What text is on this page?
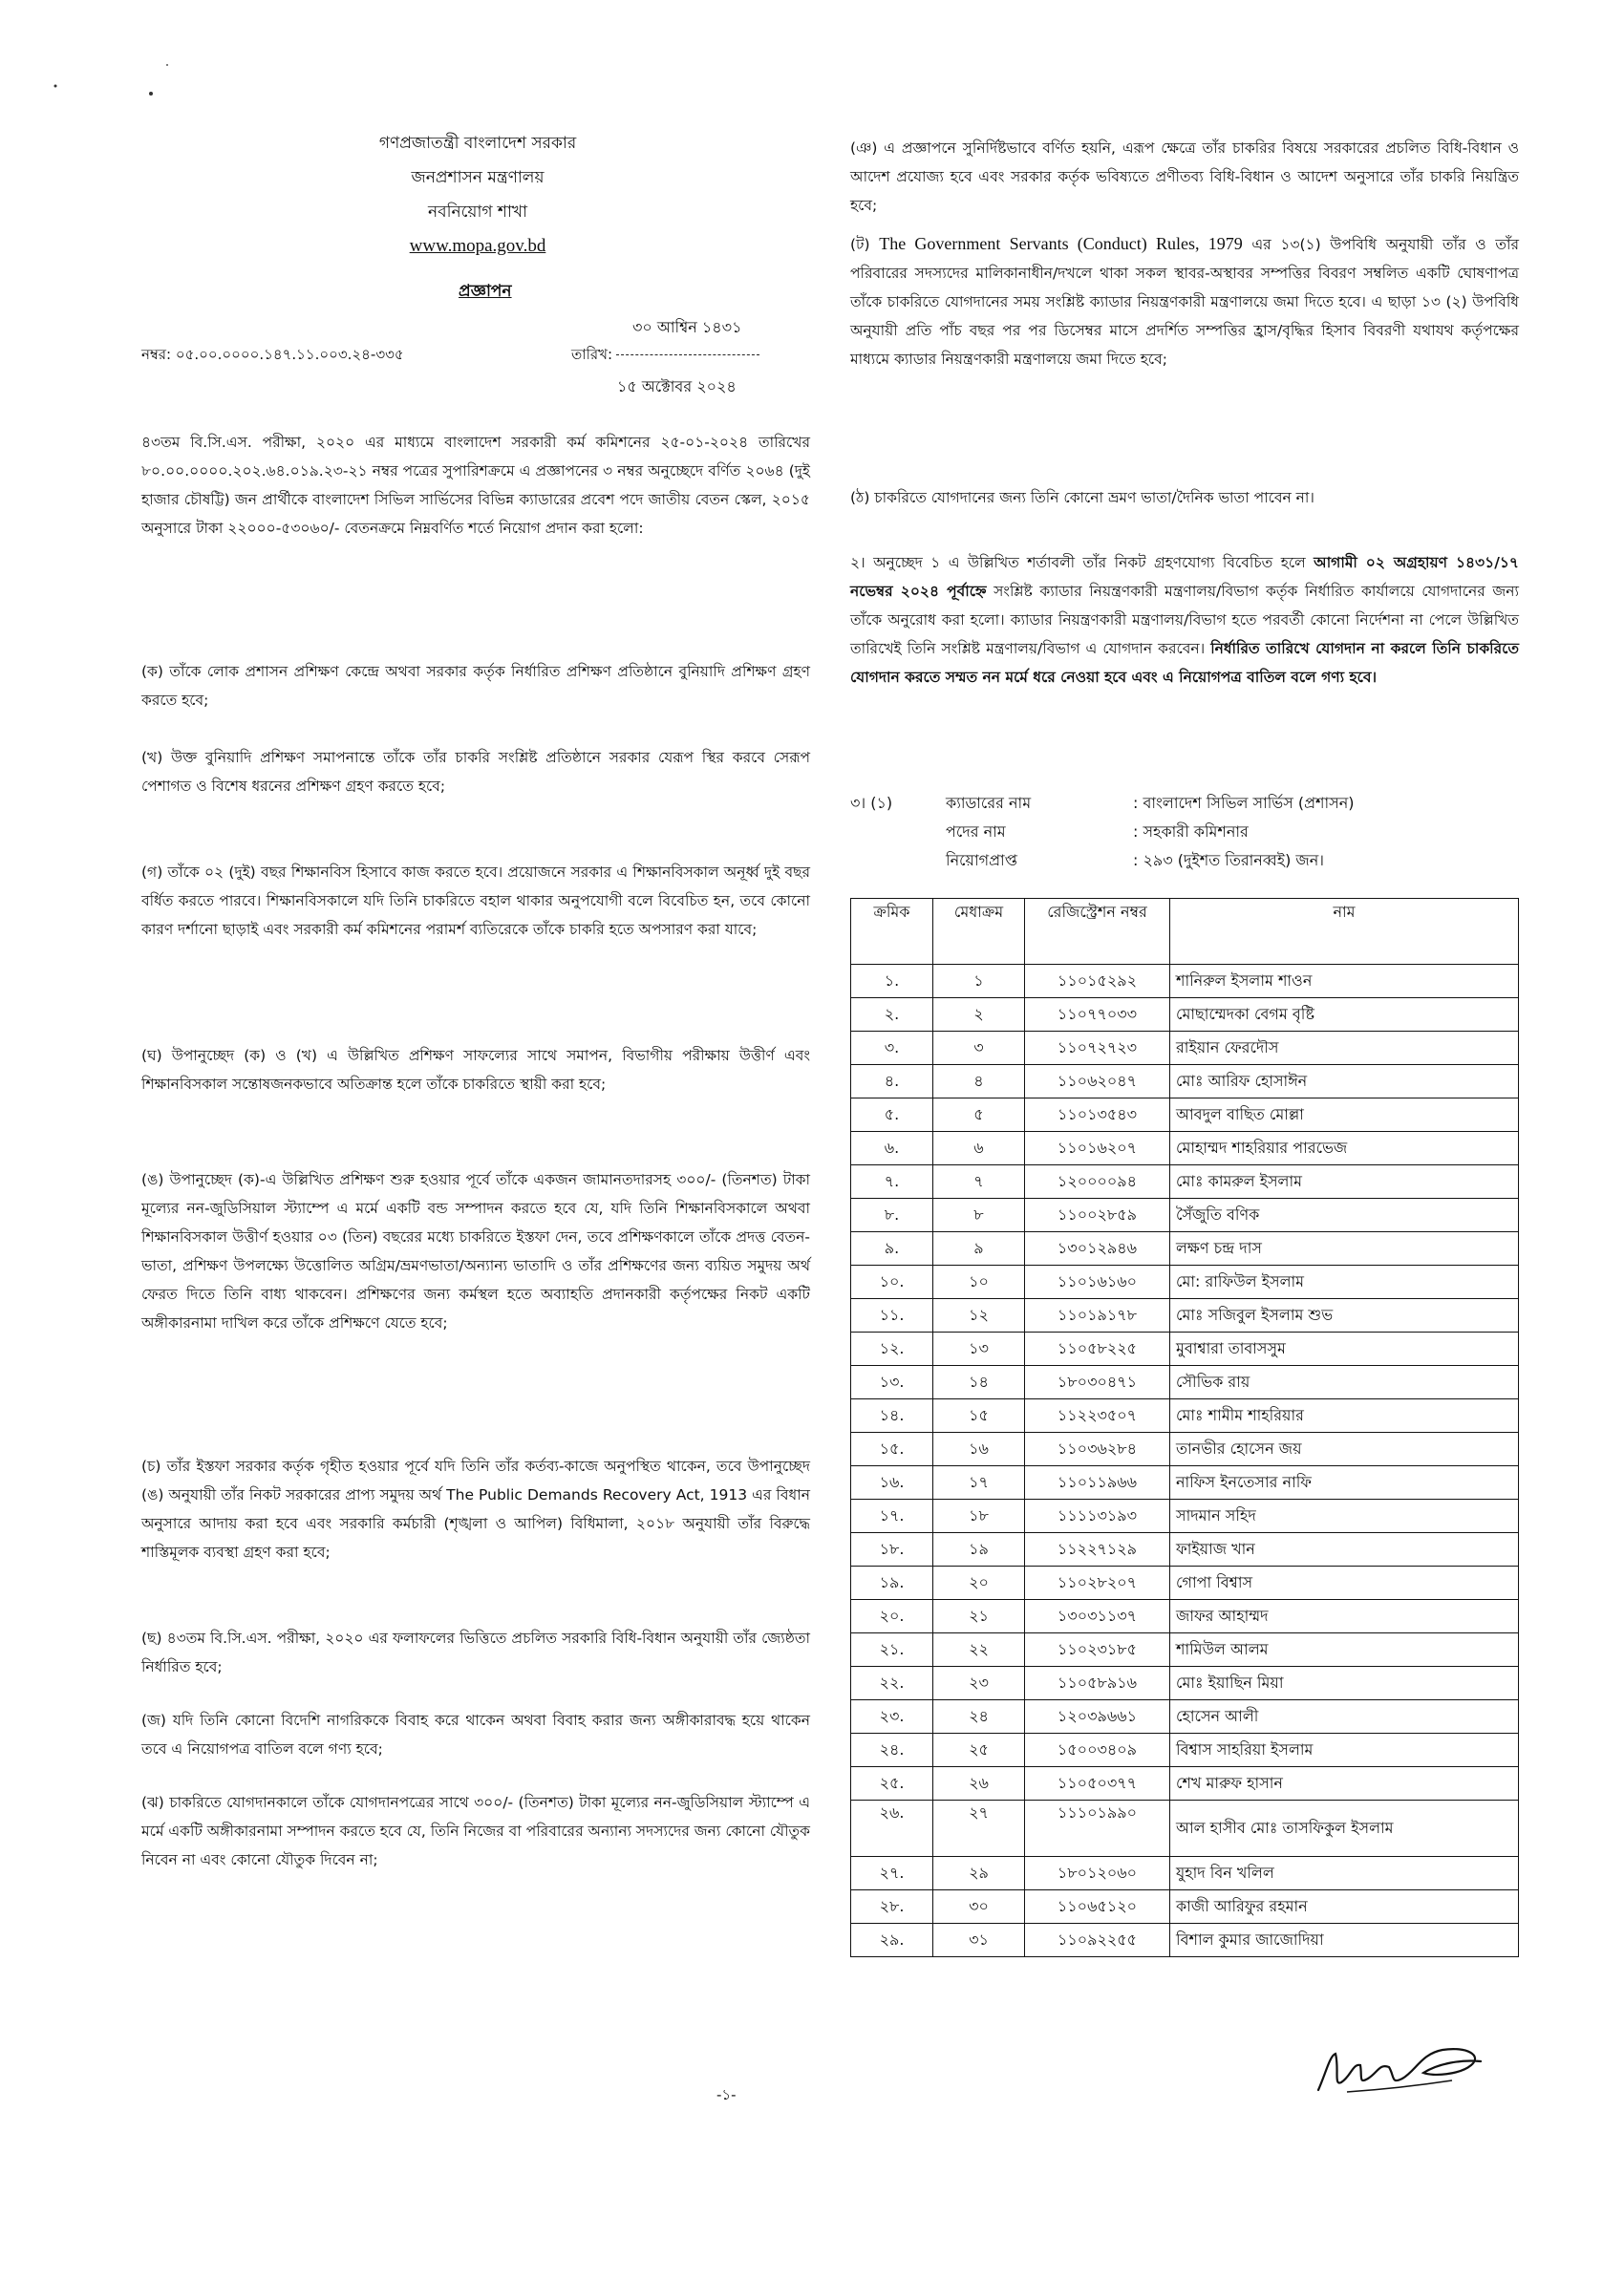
গণপ্রজাতন্ত্রী বাংলাদেশ সরকার
জনপ্রশাসন মন্ত্রণালয়
নবনিয়োগ শাখা
www.mopa.gov.bd
প্রজ্ঞাপন
৩০ আশ্বিন ১৪৩১
নম্বর: ০৫.০০.০০০০.১৪৭.১১.০০৩.২৪-৩৩৫	তারিখ:
১৫ অক্টোবর ২০২৪
৪৩তম বি.সি.এস. পরীক্ষা, ২০২০ এর মাধ্যমে বাংলাদেশ সরকারী কর্ম কমিশনের ২৫-০১-২০২৪ তারিখের ৮০.০০.০০০০.২০২.৬৪.০১৯.২৩-২১ নম্বর পত্রের সুপারিশক্রমে এ প্রজ্ঞাপনের ৩ নম্বর অনুচ্ছেদে বর্ণিত ২০৬৪ (দুই হাজার চৌষট্টি) জন প্রার্থীকে বাংলাদেশ সিভিল সার্ভিসের বিভিন্ন ক্যাডারের প্রবেশ পদে জাতীয় বেতন স্কেল, ২০১৫ অনুসারে টাকা ২২০০০-৫৩০৬০/- বেতনক্রমে নিম্নবর্ণিত শর্তে নিয়োগ প্রদান করা হলো:
(ক) তাঁকে লোক প্রশাসন প্রশিক্ষণ কেন্দ্রে অথবা সরকার কর্তৃক নির্ধারিত প্রশিক্ষণ প্রতিষ্ঠানে বুনিয়াদি প্রশিক্ষণ গ্রহণ করতে হবে;
(খ) উক্ত বুনিয়াদি প্রশিক্ষণ সমাপনান্তে তাঁকে তাঁর চাকরি সংশ্লিষ্ট প্রতিষ্ঠানে সরকার যেরূপ স্থির করবে সেরূপ পেশাগত ও বিশেষ ধরনের প্রশিক্ষণ গ্রহণ করতে হবে;
(গ) তাঁকে ০২ (দুই) বছর শিক্ষানবিস হিসাবে কাজ করতে হবে। প্রয়োজনে সরকার এ শিক্ষানবিসকাল অনূর্ধ্ব দুই বছর বর্ধিত করতে পারবে। শিক্ষানবিসকালে যদি তিনি চাকরিতে বহাল থাকার অনুপযোগী বলে বিবেচিত হন, তবে কোনো কারণ দর্শানো ছাড়াই এবং সরকারী কর্ম কমিশনের পরামর্শ ব্যতিরেকে তাঁকে চাকরি হতে অপসারণ করা যাবে;
(ঘ) উপানুচ্ছেদ (ক) ও (খ) এ উল্লিখিত প্রশিক্ষণ সাফল্যের সাথে সমাপন, বিভাগীয় পরীক্ষায় উত্তীর্ণ এবং শিক্ষানবিসকাল সন্তোষজনকভাবে অতিক্রান্ত হলে তাঁকে চাকরিতে স্থায়ী করা হবে;
(ঙ) উপানুচ্ছেদ (ক)-এ উল্লিখিত প্রশিক্ষণ শুরু হওয়ার পূর্বে তাঁকে একজন জামানতদারসহ ৩০০/- (তিনশত) টাকা মূল্যের নন-জুডিসিয়াল স্ট্যাম্পে এ মর্মে একটি বন্ড সম্পাদন করতে হবে যে, যদি তিনি শিক্ষানবিসকালে অথবা শিক্ষানবিসকাল উত্তীর্ণ হওয়ার ০৩ (তিন) বছরের মধ্যে চাকরিতে ইস্তফা দেন, তবে প্রশিক্ষণকালে তাঁকে প্রদত্ত বেতন-ভাতা, প্রশিক্ষণ উপলক্ষ্যে উত্তোলিত অগ্রিম/ভ্রমণভাতা/অন্যান্য ভাতাদি ও তাঁর প্রশিক্ষণের জন্য ব্যয়িত সমুদয় অর্থ ফেরত দিতে তিনি বাধ্য থাকবেন। প্রশিক্ষণের জন্য কর্মস্থল হতে অব্যাহতি প্রদানকারী কর্তৃপক্ষের নিকট একটি অঙ্গীকারনামা দাখিল করে তাঁকে প্রশিক্ষণে যেতে হবে;
(চ) তাঁর ইস্তফা সরকার কর্তৃক গৃহীত হওয়ার পূর্বে যদি তিনি তাঁর কর্তব্য-কাজে অনুপস্থিত থাকেন, তবে উপানুচ্ছেদ (ঙ) অনুযায়ী তাঁর নিকট সরকারের প্রাপ্য সমুদয় অর্থ The Public Demands Recovery Act, 1913 এর বিধান অনুসারে আদায় করা হবে এবং সরকারি কর্মচারী (শৃঙ্খলা ও আপিল) বিধিমালা, ২০১৮ অনুযায়ী তাঁর বিরুদ্ধে শাস্তিমূলক ব্যবস্থা গ্রহণ করা হবে;
(ছ) ৪৩তম বি.সি.এস. পরীক্ষা, ২০২০ এর ফলাফলের ভিত্তিতে প্রচলিত সরকারি বিধি-বিধান অনুযায়ী তাঁর জ্যেষ্ঠতা নির্ধারিত হবে;
(জ) যদি তিনি কোনো বিদেশি নাগরিককে বিবাহ করে থাকেন অথবা বিবাহ করার জন্য অঙ্গীকারাবদ্ধ হয়ে থাকেন তবে এ নিয়োগপত্র বাতিল বলে গণ্য হবে;
(ঝ) চাকরিতে যোগদানকালে তাঁকে যোগদানপত্রের সাথে ৩০০/- (তিনশত) টাকা মূল্যের নন-জুডিসিয়াল স্ট্যাম্পে এ মর্মে একটি অঙ্গীকারনামা সম্পাদন করতে হবে যে, তিনি নিজের বা পরিবারের অন্যান্য সদস্যদের জন্য কোনো যৌতুক নিবেন না এবং কোনো যৌতুক দিবেন না;
-১-
(ঞ) এ প্রজ্ঞাপনে সুনির্দিষ্টভাবে বর্ণিত হয়নি, এরূপ ক্ষেত্রে তাঁর চাকরির বিষয়ে সরকারের প্রচলিত বিধি-বিধান ও আদেশ প্রযোজ্য হবে এবং সরকার কর্তৃক ভবিষ্যতে প্রণীতব্য বিধি-বিধান ও আদেশ অনুসারে তাঁর চাকরি নিয়ন্ত্রিত হবে;
(ট) The Government Servants (Conduct) Rules, 1979 এর ১৩(১) উপবিধি অনুযায়ী তাঁর ও তাঁর পরিবারের সদস্যদের মালিকানাধীন/দখলে থাকা সকল স্থাবর-অস্থাবর সম্পত্তির বিবরণ সম্বলিত একটি ঘোষণাপত্র তাঁকে চাকরিতে যোগদানের সময় সংশ্লিষ্ট ক্যাডার নিয়ন্ত্রণকারী মন্ত্রণালয়ে জমা দিতে হবে। এ ছাড়া ১৩ (২) উপবিধি অনুযায়ী প্রতি পাঁচ বছর পর পর ডিসেম্বর মাসে প্রদর্শিত সম্পত্তির হ্রাস/বৃদ্ধির হিসাব বিবরণী যথাযথ কর্তৃপক্ষের মাধ্যমে ক্যাডার নিয়ন্ত্রণকারী মন্ত্রণালয়ে জমা দিতে হবে;
(ঠ) চাকরিতে যোগদানের জন্য তিনি কোনো ভ্রমণ ভাতা/দৈনিক ভাতা পাবেন না।
২। অনুচ্ছেদ ১ এ উল্লিখিত শর্তাবলী তাঁর নিকট গ্রহণযোগ্য বিবেচিত হলে আগামী ০২ অগ্রহায়ণ ১৪৩১/১৭ নভেম্বর ২০২৪ পূর্বাহ্নে সংশ্লিষ্ট ক্যাডার নিয়ন্ত্রণকারী মন্ত্রণালয়/বিভাগ কর্তৃক নির্ধারিত কার্যালয়ে যোগদানের জন্য তাঁকে অনুরোধ করা হলো। ক্যাডার নিয়ন্ত্রণকারী মন্ত্রণালয়/বিভাগ হতে পরবর্তী কোনো নির্দেশনা না পেলে উল্লিখিত তারিখেই তিনি সংশ্লিষ্ট মন্ত্রণালয়/বিভাগ এ যোগদান করবেন। নির্ধারিত তারিখে যোগদান না করলে তিনি চাকরিতে যোগদান করতে সম্মত নন মর্মে ধরে নেওয়া হবে এবং এ নিয়োগপত্র বাতিল বলে গণ্য হবে।
৩। (১)	ক্যাডারের নাম	: বাংলাদেশ সিভিল সার্ভিস (প্রশাসন)
পদের নাম	: সহকারী কমিশনার
নিয়োগপ্রাপ্ত	: ২৯৩ (দুইশত তিরানব্বই) জন।
ক্রমিক	মেধাক্রম	রেজিস্ট্রেশন নম্বর	নাম
১.	১	১১০১৫২৯২	শানিরুল ইসলাম শাওন
২.	২	১১০৭৭০৩৩	মোছাম্মেদকা বেগম বৃষ্টি
৩.	৩	১১০৭২৭২৩	রাইয়ান ফেরদৌস
৪.	৪	১১০৬২০৪৭	মোঃ আরিফ হোসাঈন
৫.	৫	১১০১৩৫৪৩	আবদুল বাছিত মোল্লা
৬.	৬	১১০১৬২০৭	মোহাম্মদ শাহরিয়ার পারভেজ
৭.	৭	১২০০০০৯৪	মোঃ কামরুল ইসলাম
৮.	৮	১১০০২৮৫৯	সৈঁজুতি বণিক
৯.	৯	১৩০১২৯৪৬	লক্ষণ চন্দ্র দাস
১০.	১০	১১০১৬১৬০	মো: রাফিউল ইসলাম
১১.	১২	১১০১৯১৭৮	মোঃ সজিবুল ইসলাম শুভ
১২.	১৩	১১০৫৮২২৫	মুবাশ্বারা তাবাসসুম
১৩.	১৪	১৮০৩০৪৭১	সৌভিক রায়
১৪.	১৫	১১২২৩৫০৭	মোঃ শামীম শাহরিয়ার
১৫.	১৬	১১০৩৬২৮৪	তানভীর হোসেন জয়
১৬.	১৭	১১০১১৯৬৬	নাফিস ইনতেসার নাফি
১৭.	১৮	১১১১৩১৯৩	সাদমান সহিদ
১৮.	১৯	১১২২৭১২৯	ফাইয়াজ খান
১৯.	২০	১১০২৮২০৭	গোপা বিশ্বাস
২০.	২১	১৩০৩১১৩৭	জাফর আহাম্মদ
২১.	২২	১১০২৩১৮৫	শামিউল আলম
২২.	২৩	১১০৫৮৯১৬	মোঃ ইয়াছিন মিয়া
২৩.	২৪	১২০৩৯৬৬১	হোসেন আলী
২৪.	২৫	১৫০০৩৪০৯	বিশ্বাস সাহরিয়া ইসলাম
২৫.	২৬	১১০৫০৩৭৭	শেখ মারুফ হাসান
২৬.	২৭	১১১০১৯৯০	আল হাসীব মোঃ তাসফিকুল ইসলাম
২৭.	২৯	১৮০১২০৬০	যুহাদ বিন খলিল
২৮.	৩০	১১০৬৫১২০	কাজী আরিফুর রহমান
২৯.	৩১	১১০৯২২৫৫	বিশাল কুমার জাজোদিয়া
